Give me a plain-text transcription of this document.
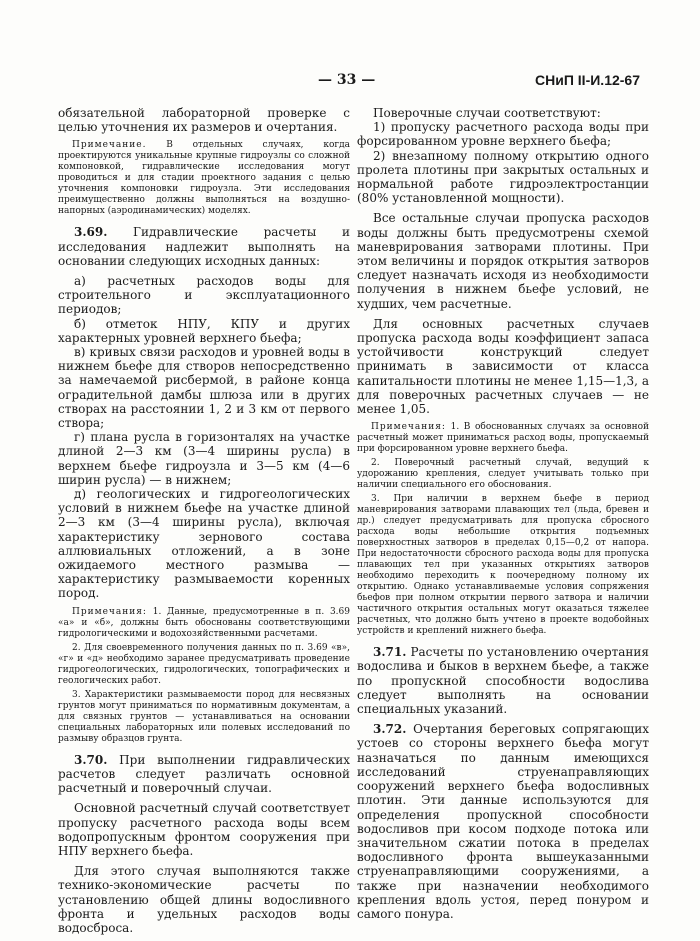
— 33 —	СНиП II-И.12-67

обязательной лабораторной проверке с целью уточнения их размеров и очертания.

Примечание. В отдельных случаях, когда проектируются уникальные крупные гидроузлы со сложной компоновкой, гидравлические исследования могут проводиться и для стадии проектного задания с целью уточнения компоновки гидроузла. Эти исследования преимущественно должны выполняться на воздушно-напорных (аэродинамических) моделях.

3.69. Гидравлические расчеты и исследования надлежит выполнять на основании следующих исходных данных:

а) расчетных расходов воды для строительного и эксплуатационного периодов;

б) отметок НПУ, КПУ и других характерных уровней верхнего бьефа;

в) кривых связи расходов и уровней воды в нижнем бьефе для створов непосредственно за намечаемой рисбермой, в районе конца оградительной дамбы шлюза или в других створах на расстоянии 1, 2 и 3 км от первого створа;

г) плана русла в горизонталях на участке длиной 2—3 км (3—4 ширины русла) в верхнем бьефе гидроузла и 3—5 км (4—6 ширин русла) — в нижнем;

д) геологических и гидрогеологических условий в нижнем бьефе на участке длиной 2—3 км (3—4 ширины русла), включая характеристику зернового состава аллювиальных отложений, а в зоне ожидаемого местного размыва — характеристику размываемости коренных пород.

Примечания: 1. Данные, предусмотренные в п. 3.69 «а» и «б», должны быть обоснованы соответствующими гидрологическими и водохозяйственными расчетами.

2. Для своевременного получения данных по п. 3.69 «в», «г» и «д» необходимо заранее предусматривать проведение гидрогеологических, гидрологических, топографических и геологических работ.

3. Характеристики размываемости пород для несвязных грунтов могут приниматься по нормативным документам, а для связных грунтов — устанавливаться на основании специальных лабораторных или полевых исследований по размыву образцов грунта.

3.70. При выполнении гидравлических расчетов следует различать основной расчетный и поверочный случаи.

Основной расчетный случай соответствует пропуску расчетного расхода воды всем водопропускным фронтом сооружения при НПУ верхнего бьефа.

Для этого случая выполняются также технико-экономические расчеты по установлению общей длины водосливного фронта и удельных расходов воды водосброса.

Поверочные случаи соответствуют:

1) пропуску расчетного расхода воды при форсированном уровне верхнего бьефа;

2) внезапному полному открытию одного пролета плотины при закрытых остальных и нормальной работе гидроэлектростанции (80% установленной мощности).

Все остальные случаи пропуска расходов воды должны быть предусмотрены схемой маневрирования затворами плотины. При этом величины и порядок открытия затворов следует назначать исходя из необходимости получения в нижнем бьефе условий, не худших, чем расчетные.

Для основных расчетных случаев пропуска расхода воды коэффициент запаса устойчивости конструкций следует принимать в зависимости от класса капитальности плотины не менее 1,15—1,3, а для поверочных расчетных случаев — не менее 1,05.

Примечания: 1. В обоснованных случаях за основной расчетный может приниматься расход воды, пропускаемый при форсированном уровне верхнего бьефа.

2. Поверочный расчетный случай, ведущий к удорожанию крепления, следует учитывать только при наличии специального его обоснования.

3. При наличии в верхнем бьефе в период маневрирования затворами плавающих тел (льда, бревен и др.) следует предусматривать для пропуска сбросного расхода воды небольшие открытия подъемных поверхностных затворов в пределах 0,15—0,2 от напора. При недостаточности сбросного расхода воды для пропуска плавающих тел при указанных открытиях затворов необходимо переходить к поочередному полному их открытию. Однако устанавливаемые условия сопряжения бьефов при полном открытии первого затвора и наличии частичного открытия остальных могут оказаться тяжелее расчетных, что должно быть учтено в проекте водобойных устройств и креплений нижнего бьефа.

3.71. Расчеты по установлению очертания водослива и быков в верхнем бьефе, а также по пропускной способности водослива следует выполнять на основании специальных указаний.

3.72. Очертания береговых сопрягающих устоев со стороны верхнего бьефа могут назначаться по данным имеющихся исследований струенаправляющих сооружений верхнего бьефа водосливных плотин. Эти данные используются для определения пропускной способности водосливов при косом подходе потока или значительном сжатии потока в пределах водосливного фронта вышеуказанными струенаправляющими сооружениями, а также при назначении необходимого крепления вдоль устоя, перед понуром и самого понура.
